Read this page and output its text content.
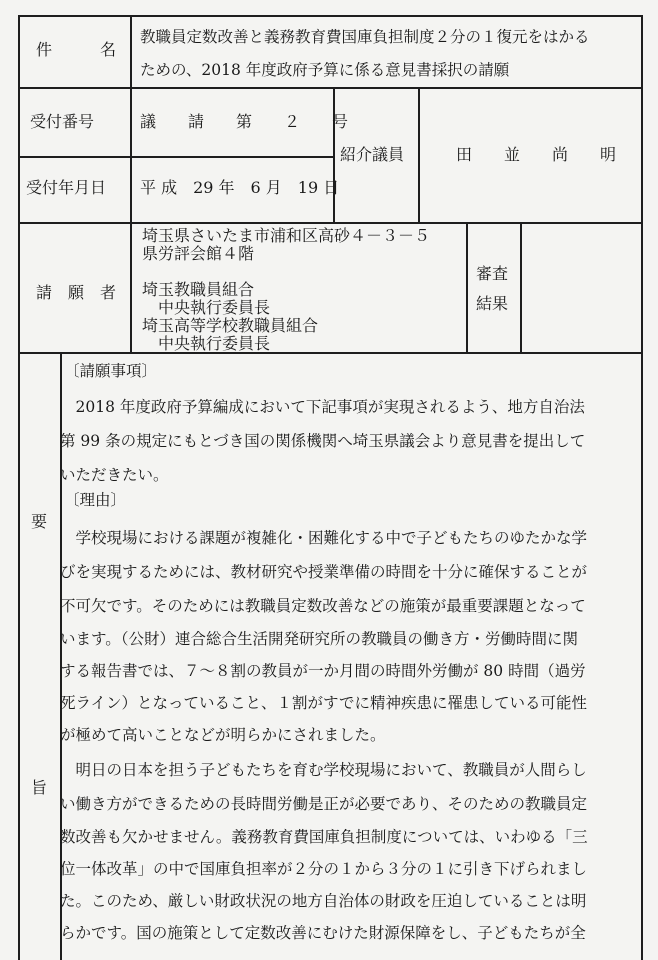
件　　　名
教職員定数改善と義務教育費国庫負担制度２分の１復元をはかる
ための、2018 年度政府予算に係る意見書採択の請願
受付番号	議　　請　　第　　２　　号
紹介議員	田　　並　　尚　　明
受付年月日 平 成　29 年　6 月　19 日
請　願　者
埼玉県さいたま市浦和区高砂４－３－５
県労評会館４階
埼玉教職員組合
　中央執行委員長
埼玉高等学校教職員組合
　中央執行委員長
審査
結果
要
旨
〔請願事項〕
　2018 年度政府予算編成において下記事項が実現されるよう、地方自治法
第 99 条の規定にもとづき国の関係機関へ埼玉県議会より意見書を提出して
いただきたい。
〔理由〕
　学校現場における課題が複雑化・困難化する中で子どもたちのゆたかな学
びを実現するためには、教材研究や授業準備の時間を十分に確保することが
不可欠です。そのためには教職員定数改善などの施策が最重要課題となって
います。（公財）連合総合生活開発研究所の教職員の働き方・労働時間に関
する報告書では、７～８割の教員が一か月間の時間外労働が 80 時間（過労
死ライン）となっていること、１割がすでに精神疾患に罹患している可能性
が極めて高いことなどが明らかにされました。
　明日の日本を担う子どもたちを育む学校現場において、教職員が人間らし
い働き方ができるための長時間労働是正が必要であり、そのための教職員定
数改善も欠かせません。義務教育費国庫負担制度については、いわゆる「三
位一体改革」の中で国庫負担率が２分の１から３分の１に引き下げられまし
た。このため、厳しい財政状況の地方自治体の財政を圧迫していることは明
らかです。国の施策として定数改善にむけた財源保障をし、子どもたちが全
